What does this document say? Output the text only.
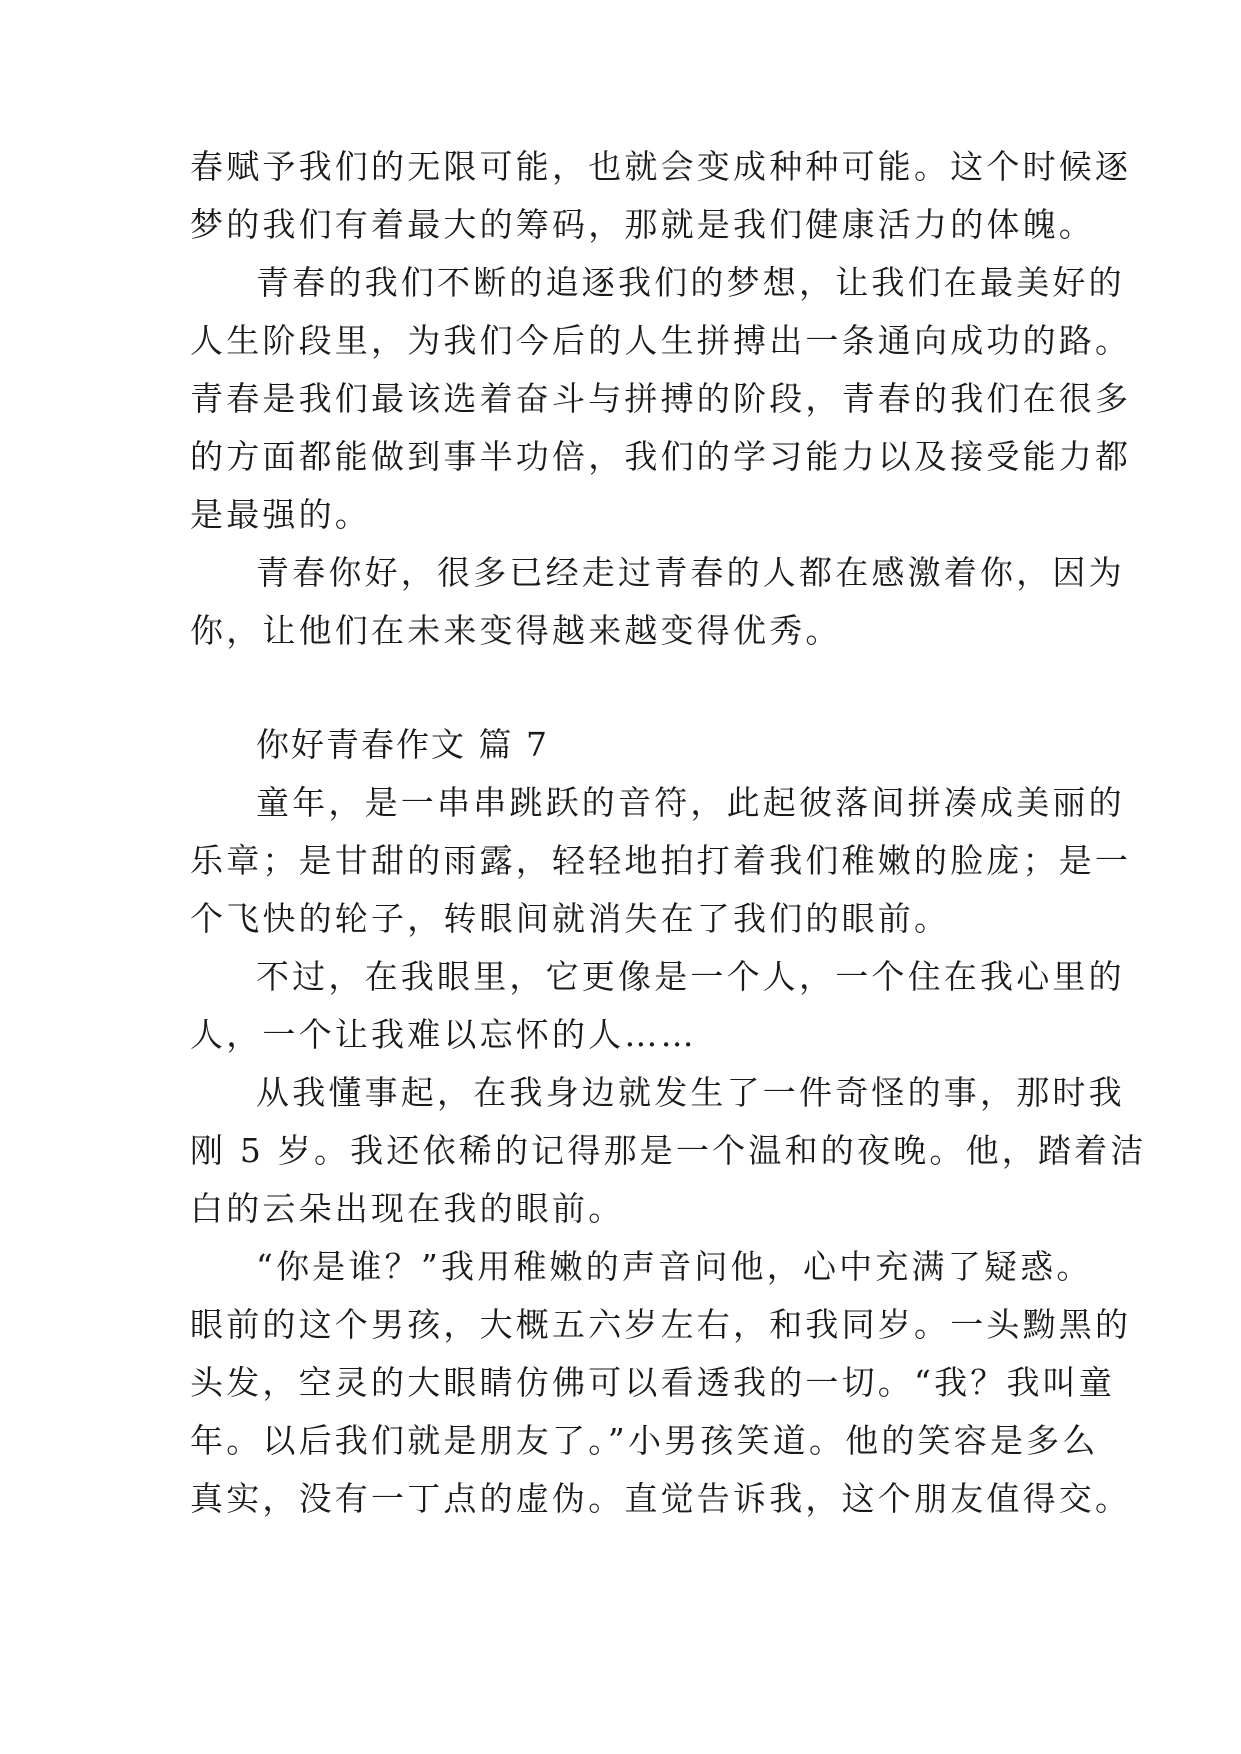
春赋予我们的无限可能，也就会变成种种可能。这个时候逐
梦的我们有着最大的筹码，那就是我们健康活力的体魄。
青春的我们不断的追逐我们的梦想，让我们在最美好的
人生阶段里，为我们今后的人生拼搏出一条通向成功的路。
青春是我们最该选着奋斗与拼搏的阶段，青春的我们在很多
的方面都能做到事半功倍，我们的学习能力以及接受能力都
是最强的。
青春你好，很多已经走过青春的人都在感激着你，因为
你，让他们在未来变得越来越变得优秀。
你好青春作文 篇 7
童年，是一串串跳跃的音符，此起彼落间拼凑成美丽的
乐章；是甘甜的雨露，轻轻地拍打着我们稚嫩的脸庞；是一
个飞快的轮子，转眼间就消失在了我们的眼前。
不过，在我眼里，它更像是一个人，一个住在我心里的
人，一个让我难以忘怀的人……
从我懂事起，在我身边就发生了一件奇怪的事，那时我
刚 5 岁。我还依稀的记得那是一个温和的夜晚。他，踏着洁
白的云朵出现在我的眼前。
“你是谁？”我用稚嫩的声音问他，心中充满了疑惑。
眼前的这个男孩，大概五六岁左右，和我同岁。一头黝黑的
头发，空灵的大眼睛仿佛可以看透我的一切。“我？我叫童
年。以后我们就是朋友了。”小男孩笑道。他的笑容是多么
真实，没有一丁点的虚伪。直觉告诉我，这个朋友值得交。
